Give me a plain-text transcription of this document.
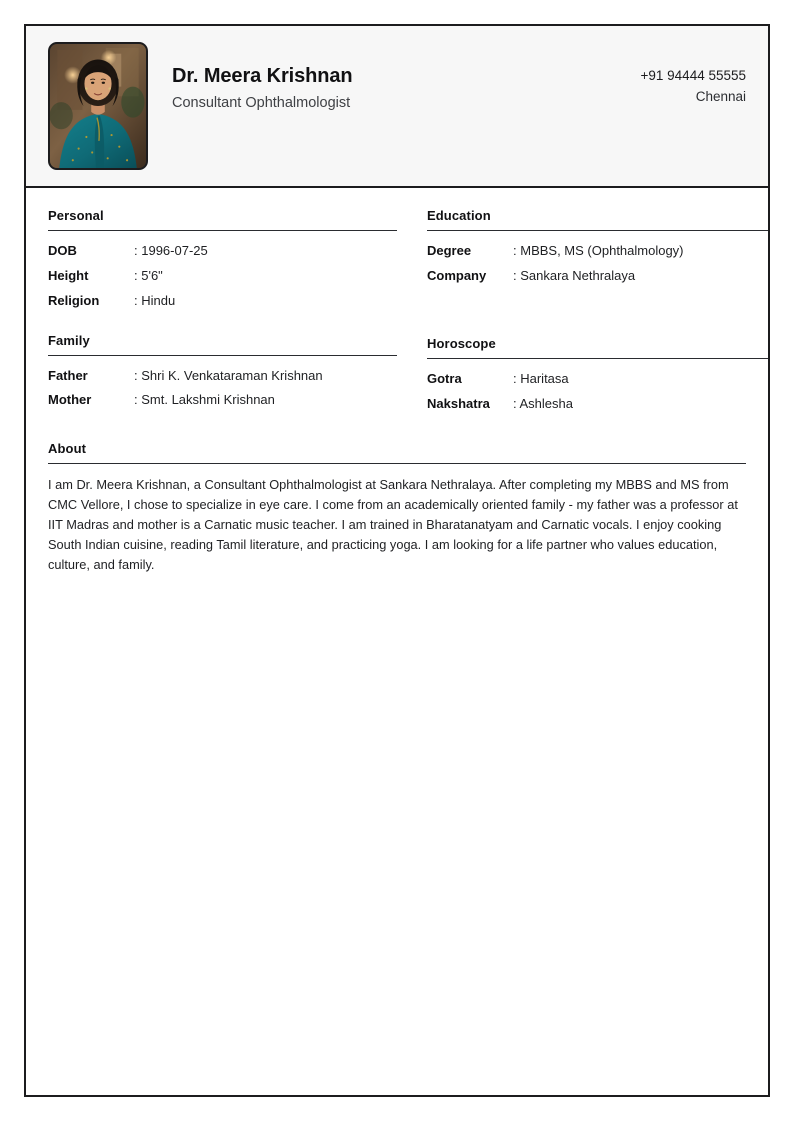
Dr. Meera Krishnan
Consultant Ophthalmologist
+91 94444 55555
Chennai
Personal
DOB	: 1996-07-25
Height	: 5'6"
Religion	: Hindu
Family
Father	: Shri K. Venkataraman Krishnan
Mother	: Smt. Lakshmi Krishnan
Education
Degree	: MBBS, MS (Ophthalmology)
Company	: Sankara Nethralaya
Horoscope
Gotra	: Haritasa
Nakshatra	: Ashlesha
About
I am Dr. Meera Krishnan, a Consultant Ophthalmologist at Sankara Nethralaya. After completing my MBBS and MS from CMC Vellore, I chose to specialize in eye care. I come from an academically oriented family - my father was a professor at IIT Madras and mother is a Carnatic music teacher. I am trained in Bharatanatyam and Carnatic vocals. I enjoy cooking South Indian cuisine, reading Tamil literature, and practicing yoga. I am looking for a life partner who values education, culture, and family.
